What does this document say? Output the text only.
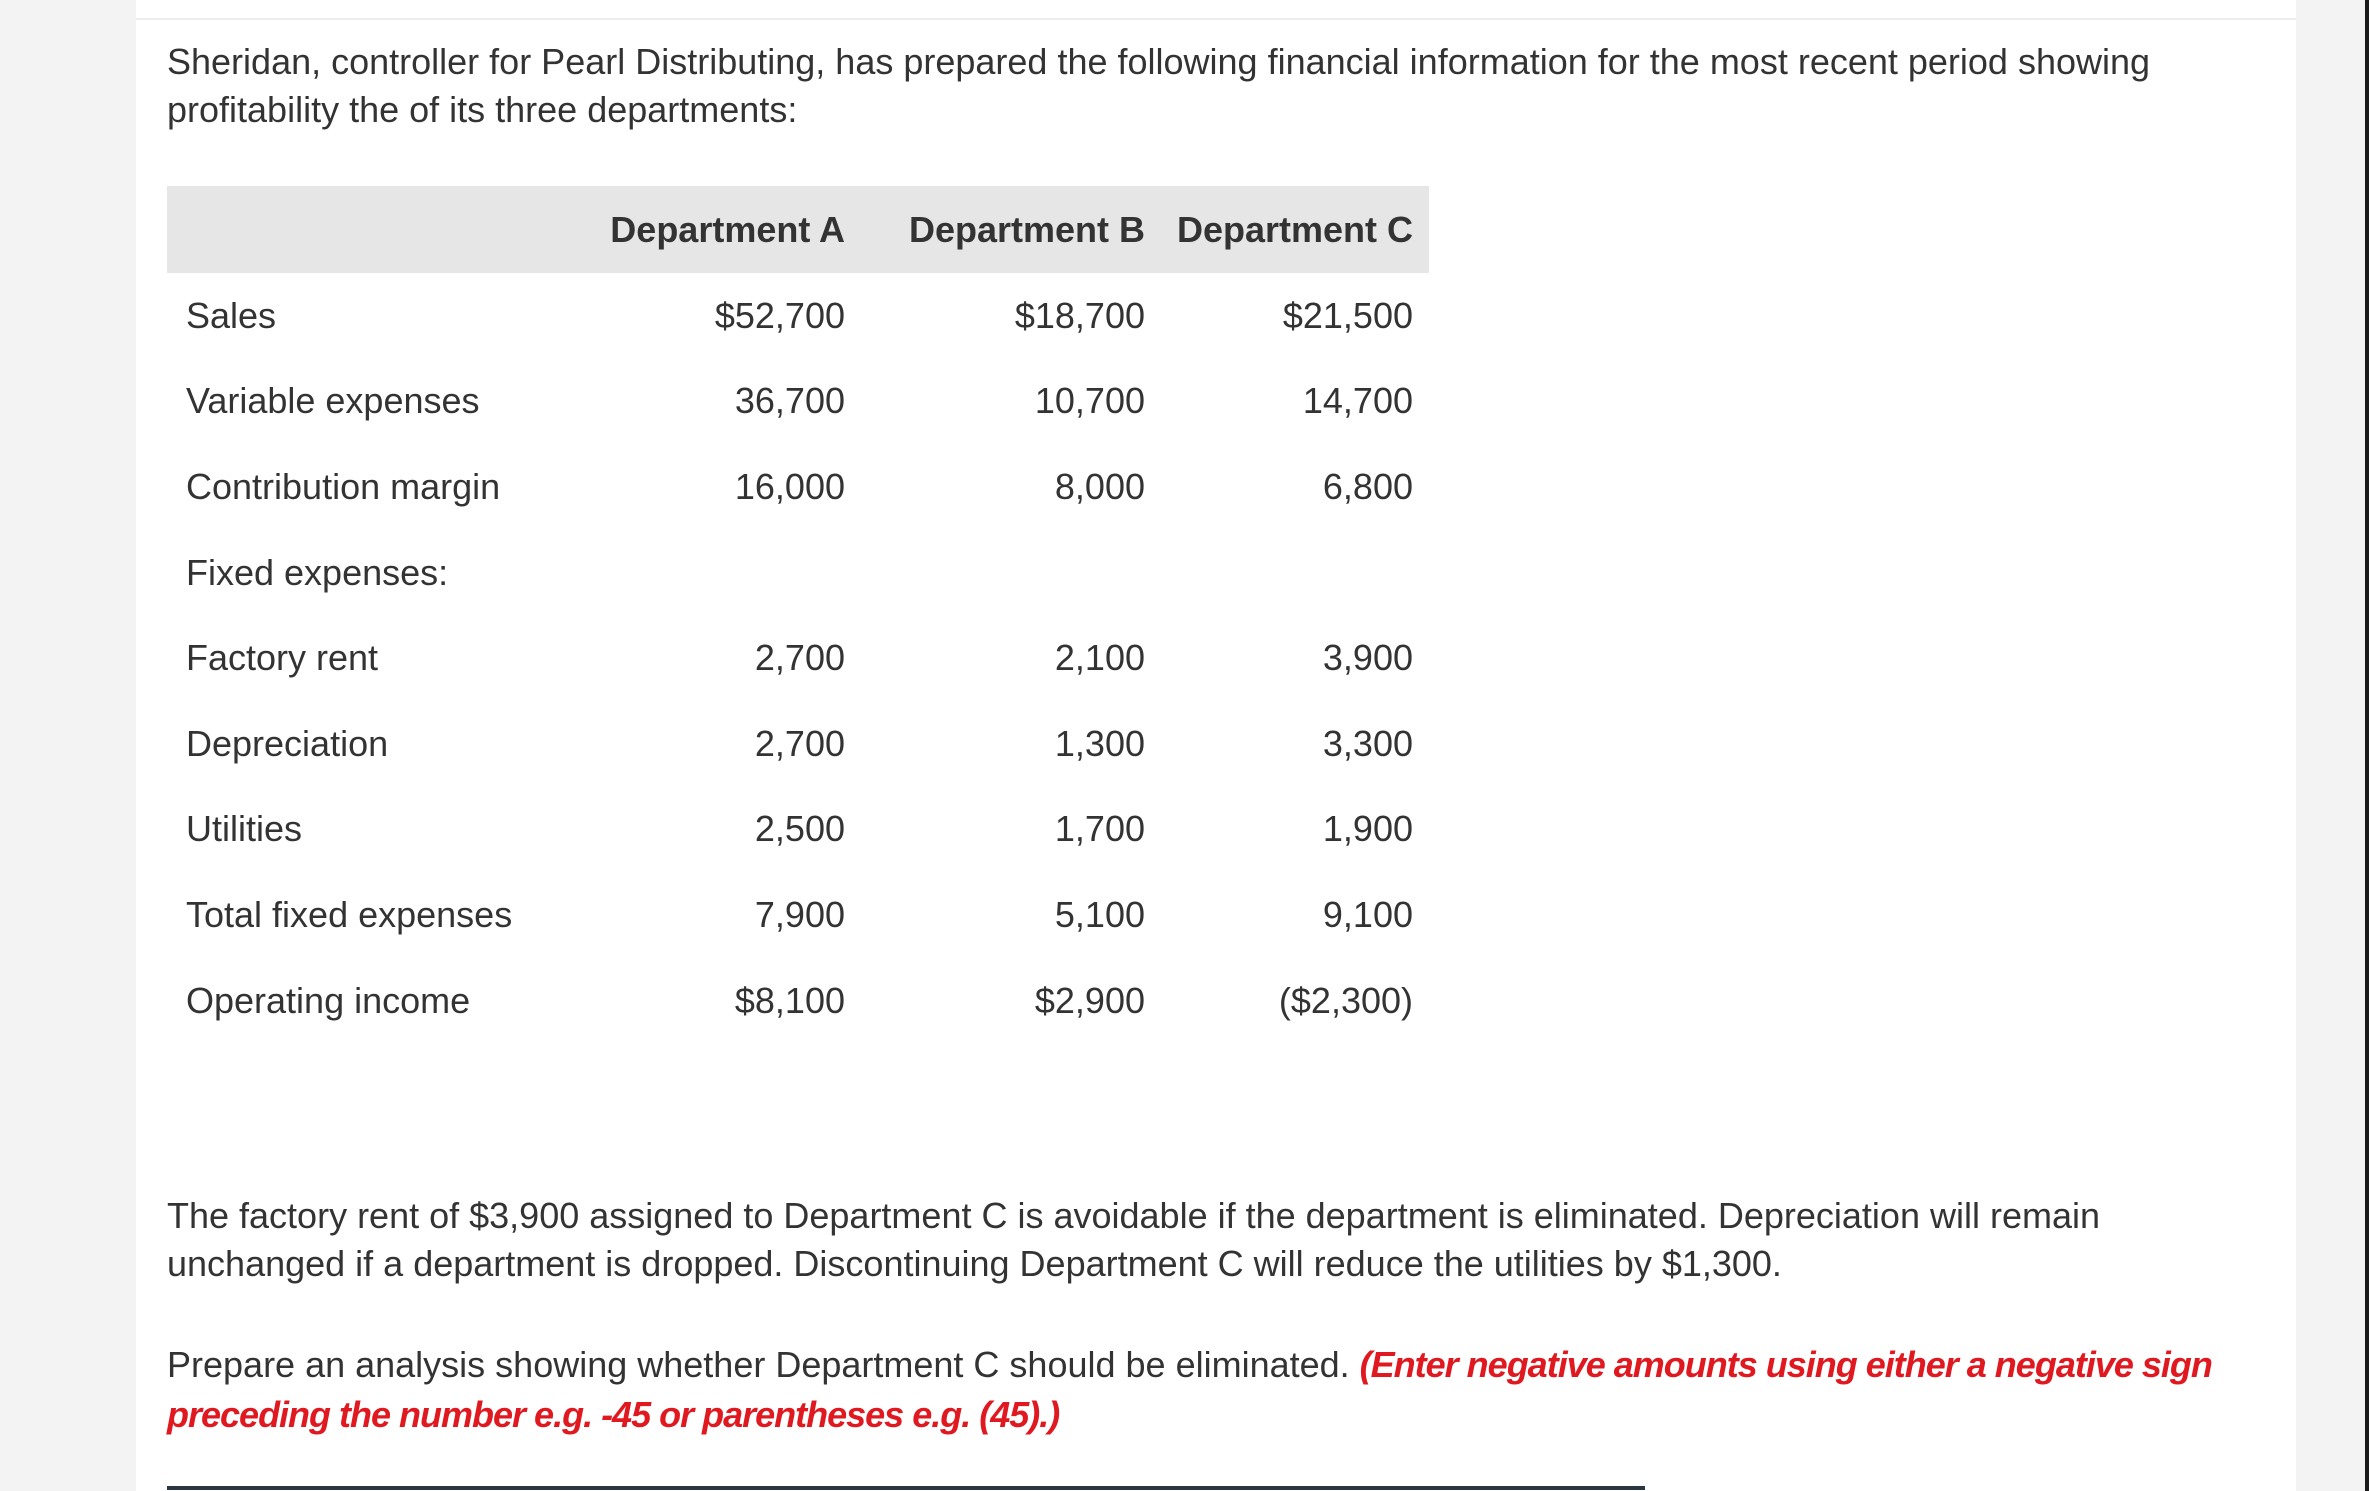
Sheridan, controller for Pearl Distributing, has prepared the following financial information for the most recent period showing profitability the of its three departments:

	Department A	Department B	Department C
Sales	$52,700	$18,700	$21,500
Variable expenses	36,700	10,700	14,700
Contribution margin	16,000	8,000	6,800
Fixed expenses:			
Factory rent	2,700	2,100	3,900
Depreciation	2,700	1,300	3,300
Utilities	2,500	1,700	1,900
Total fixed expenses	7,900	5,100	9,100
Operating income	$8,100	$2,900	($2,300)

The factory rent of $3,900 assigned to Department C is avoidable if the department is eliminated. Depreciation will remain unchanged if a department is dropped. Discontinuing Department C will reduce the utilities by $1,300.

Prepare an analysis showing whether Department C should be eliminated. (Enter negative amounts using either a negative sign preceding the number e.g. -45 or parentheses e.g. (45).)
